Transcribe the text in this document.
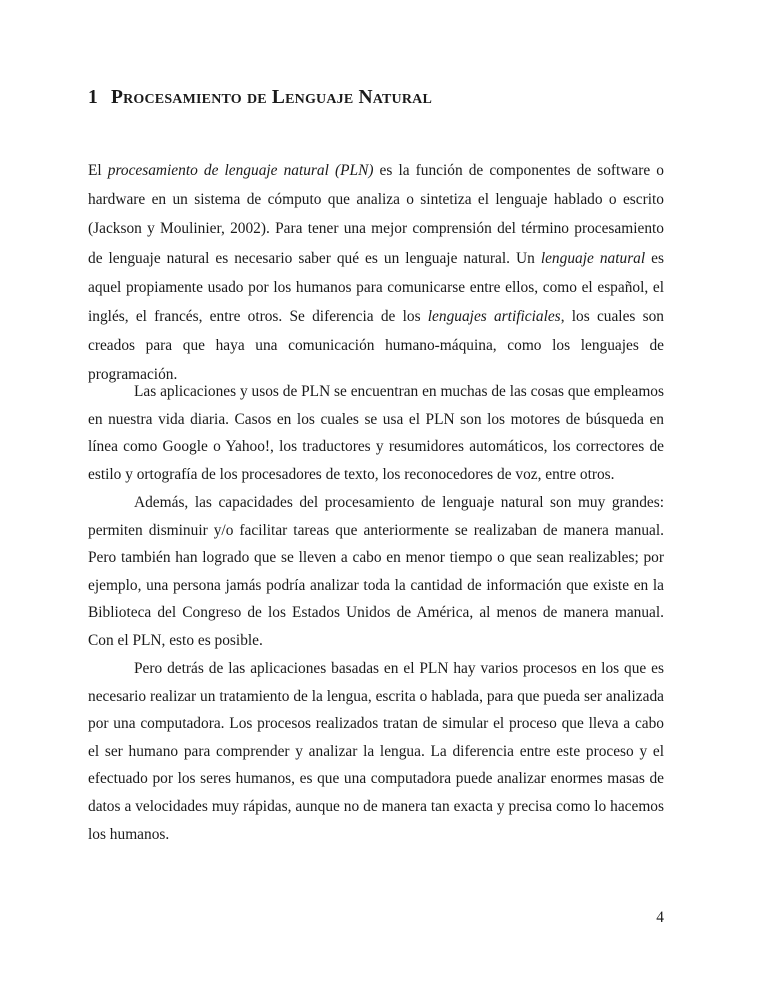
1 Procesamiento de Lenguaje Natural

El procesamiento de lenguaje natural (PLN) es la función de componentes de software o hardware en un sistema de cómputo que analiza o sintetiza el lenguaje hablado o escrito (Jackson y Moulinier, 2002). Para tener una mejor comprensión del término procesamiento de lenguaje natural es necesario saber qué es un lenguaje natural. Un lenguaje natural es aquel propiamente usado por los humanos para comunicarse entre ellos, como el español, el inglés, el francés, entre otros. Se diferencia de los lenguajes artificiales, los cuales son creados para que haya una comunicación humano-máquina, como los lenguajes de programación.

Las aplicaciones y usos de PLN se encuentran en muchas de las cosas que empleamos en nuestra vida diaria. Casos en los cuales se usa el PLN son los motores de búsqueda en línea como Google o Yahoo!, los traductores y resumidores automáticos, los correctores de estilo y ortografía de los procesadores de texto, los reconocedores de voz, entre otros.

Además, las capacidades del procesamiento de lenguaje natural son muy grandes: permiten disminuir y/o facilitar tareas que anteriormente se realizaban de manera manual. Pero también han logrado que se lleven a cabo en menor tiempo o que sean realizables; por ejemplo, una persona jamás podría analizar toda la cantidad de información que existe en la Biblioteca del Congreso de los Estados Unidos de América, al menos de manera manual. Con el PLN, esto es posible.

Pero detrás de las aplicaciones basadas en el PLN hay varios procesos en los que es necesario realizar un tratamiento de la lengua, escrita o hablada, para que pueda ser analizada por una computadora. Los procesos realizados tratan de simular el proceso que lleva a cabo el ser humano para comprender y analizar la lengua. La diferencia entre este proceso y el efectuado por los seres humanos, es que una computadora puede analizar enormes masas de datos a velocidades muy rápidas, aunque no de manera tan exacta y precisa como lo hacemos los humanos.

4
